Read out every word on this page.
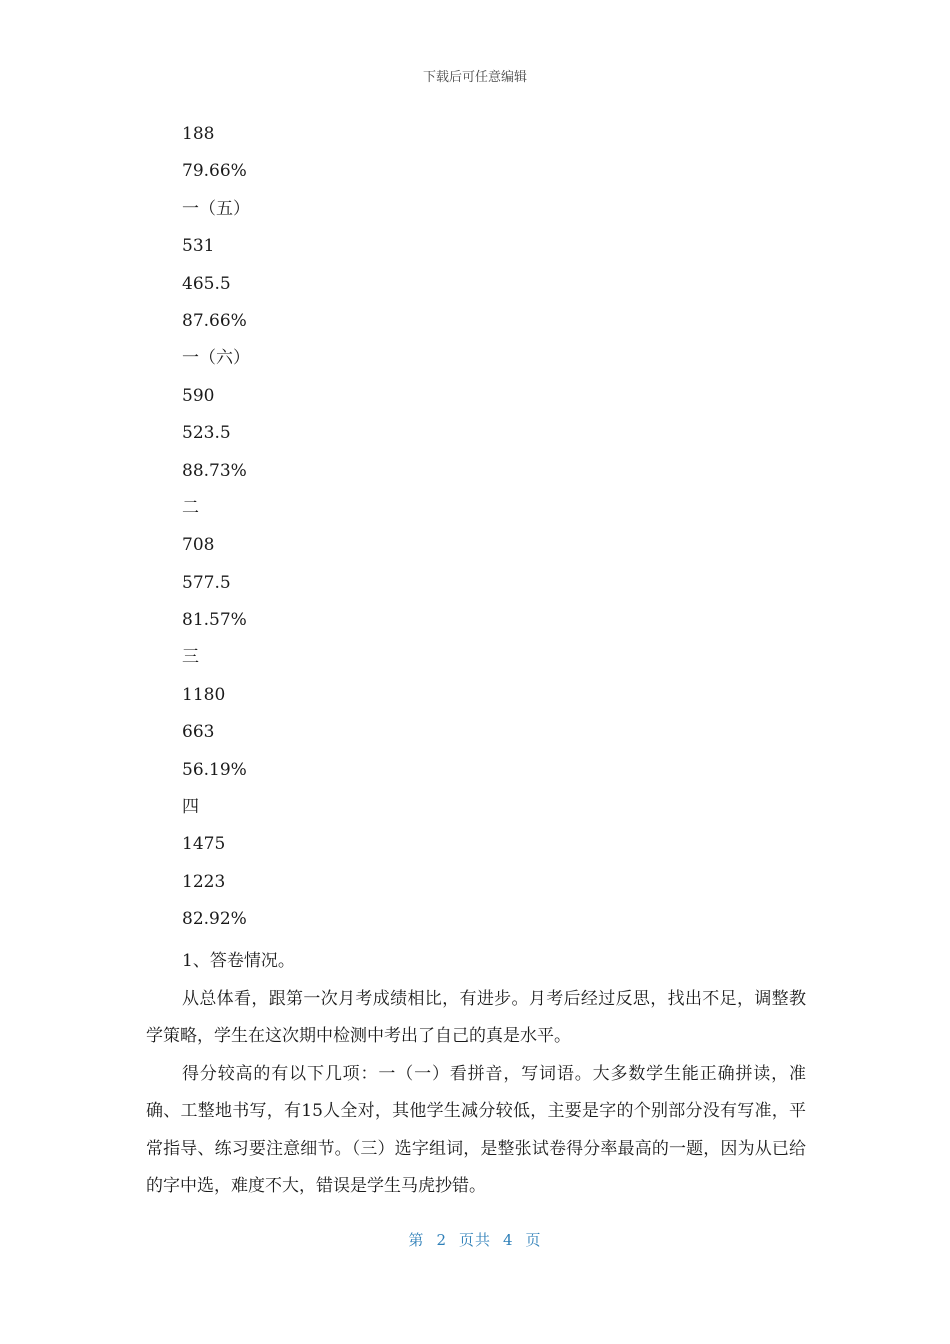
下载后可任意编辑
188
79.66%
一（五）
531
465.5
87.66%
一（六）
590
523.5
88.73%
二
708
577.5
81.57%
三
1180
663
56.19%
四
1475
1223
82.92%

1、答卷情况。

从总体看，跟第一次月考成绩相比，有进步。月考后经过反思，找出不足，调整教学策略，学生在这次期中检测中考出了自己的真是水平。

得分较高的有以下几项：一（一）看拼音，写词语。大多数学生能正确拼读，准确、工整地书写，有15人全对，其他学生减分较低，主要是字的个别部分没有写准，平常指导、练习要注意细节。（三）选字组词，是整张试卷得分率最高的一题，因为从已给的字中选，难度不大，错误是学生马虎抄错。

第 2 页共 4 页
